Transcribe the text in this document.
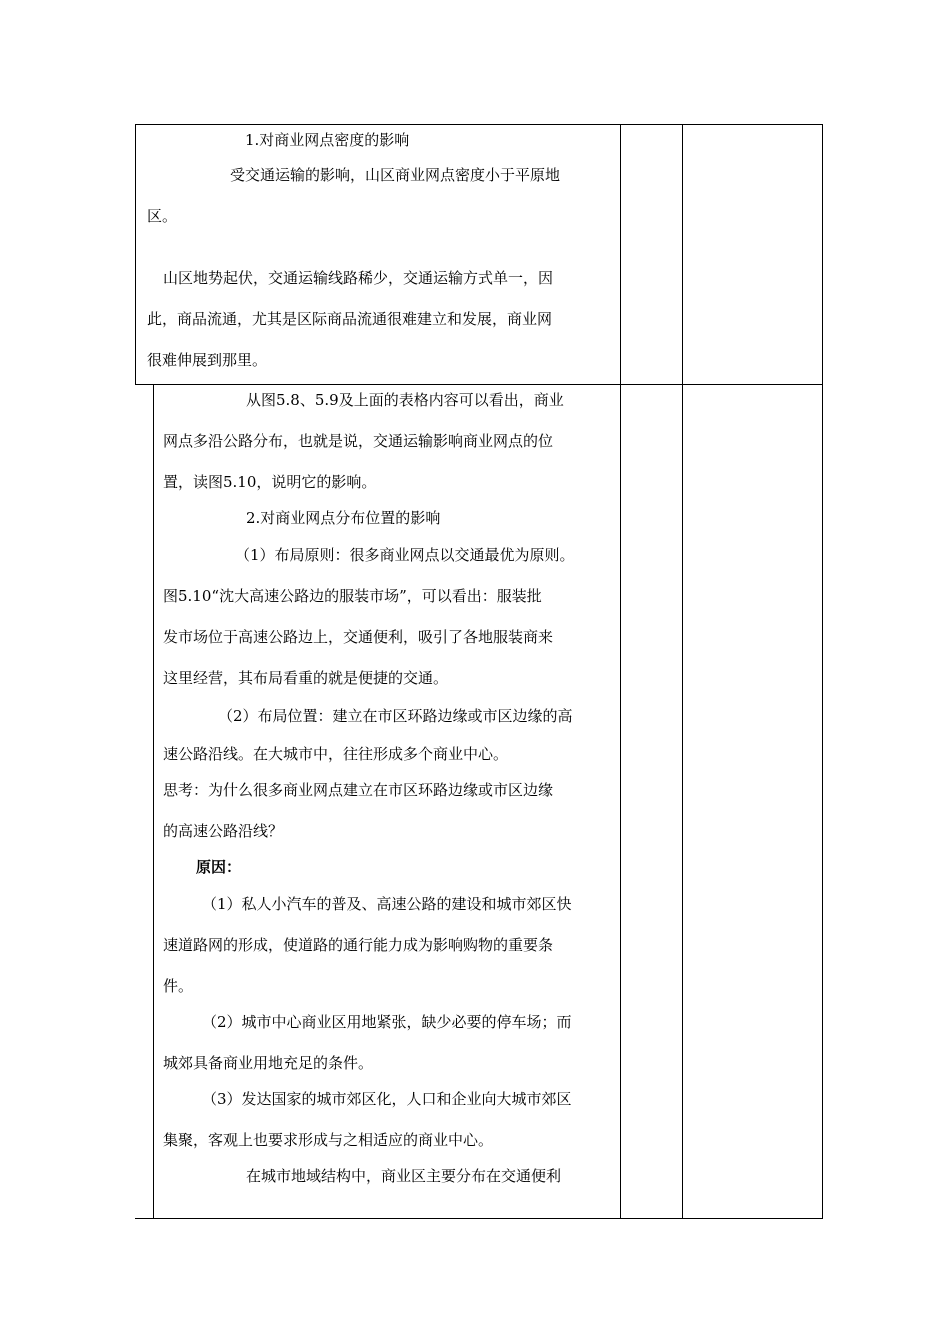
1.对商业网点密度的影响
受交通运输的影响，山区商业网点密度小于平原地
区。
山区地势起伏，交通运输线路稀少，交通运输方式单一，因
此，商品流通，尤其是区际商品流通很难建立和发展，商业网
很难伸展到那里。
从图5.8、5.9及上面的表格内容可以看出，商业
网点多沿公路分布，也就是说，交通运输影响商业网点的位
置，读图5.10，说明它的影响。
2.对商业网点分布位置的影响
（1）布局原则：很多商业网点以交通最优为原则。
图5.10“沈大高速公路边的服装市场”，可以看出：服装批
发市场位于高速公路边上，交通便利，吸引了各地服装商来
这里经营，其布局看重的就是便捷的交通。
（2）布局位置：建立在市区环路边缘或市区边缘的高
速公路沿线。在大城市中，往往形成多个商业中心。
思考：为什么很多商业网点建立在市区环路边缘或市区边缘
的高速公路沿线？
原因：
（1）私人小汽车的普及、高速公路的建设和城市郊区快
速道路网的形成，使道路的通行能力成为影响购物的重要条
件。
（2）城市中心商业区用地紧张，缺少必要的停车场；而
城郊具备商业用地充足的条件。
（3）发达国家的城市郊区化，人口和企业向大城市郊区
集聚，客观上也要求形成与之相适应的商业中心。
在城市地域结构中，商业区主要分布在交通便利
